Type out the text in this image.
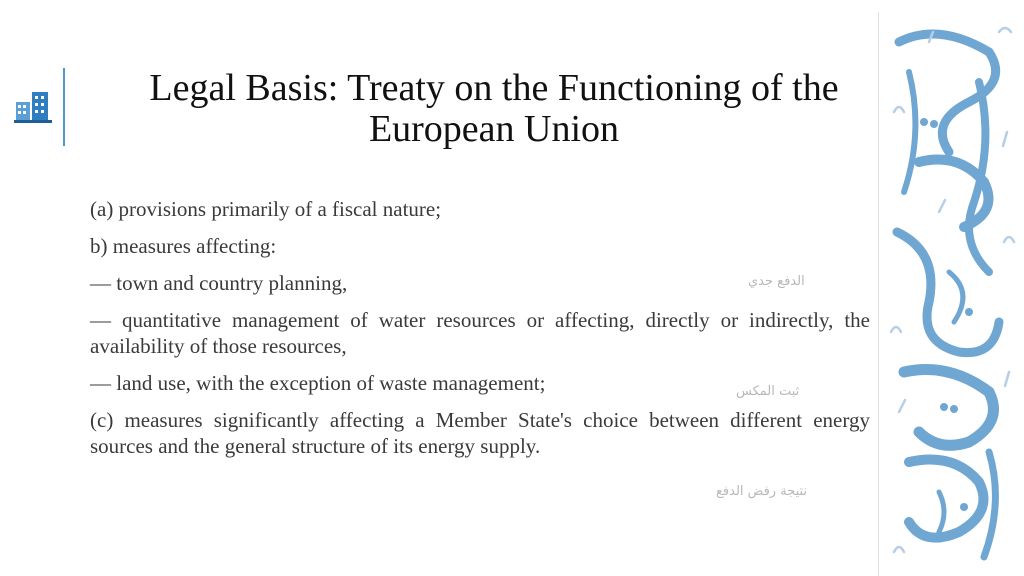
Legal Basis: Treaty on the Functioning of the European Union

(a) provisions primarily of a fiscal nature;

b) measures affecting:

— town and country planning,

— quantitative management of water resources or affecting, directly or indirectly, the availability of those resources,

— land use, with the exception of waste management;

(c) measures significantly affecting a Member State's choice between different energy sources and the general structure of its energy supply.

الدفع جدي
ثبت المكس
نتيجة رفض الدفع
